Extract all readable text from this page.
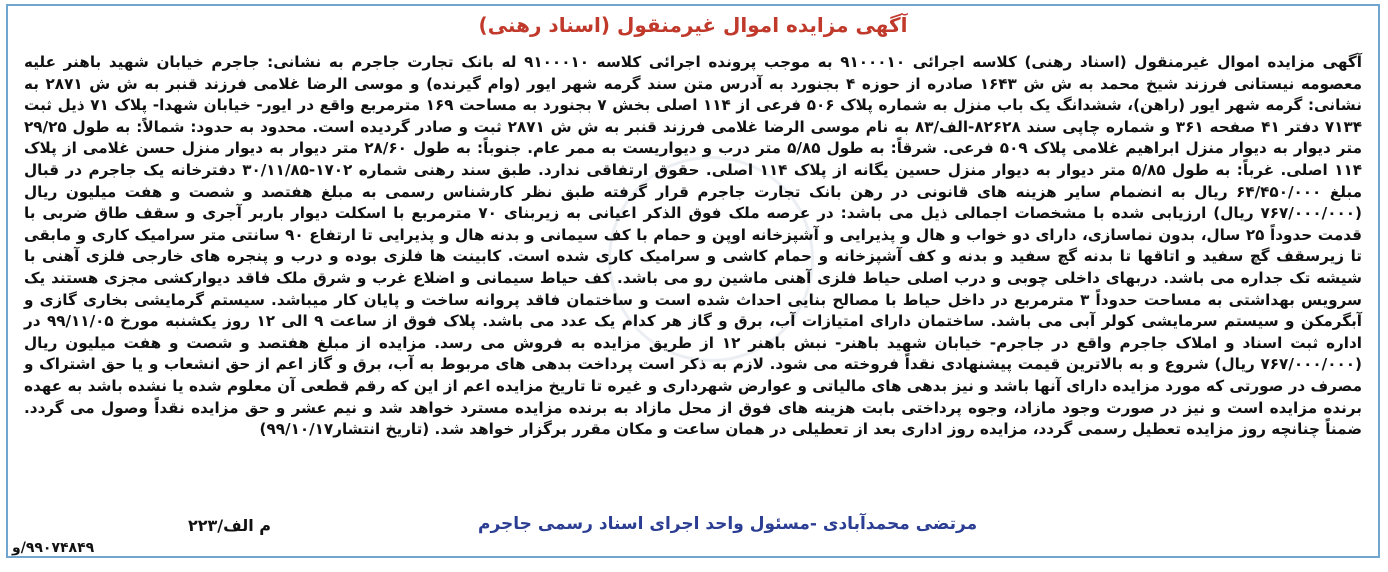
آگهی مزایده اموال غیرمنقول (اسناد رهنی)
آگهی مزایده اموال غیرمنقول (اسناد رهنی) کلاسه اجرائی ۹۱۰۰۰۱۰ به موجب پرونده اجرائی کلاسه ۹۱۰۰۰۱۰ له بانک تجارت جاجرم به نشانی: جاجرم خیابان شهید باهنر علیه معصومه نیستانی فرزند شیخ محمد به ش ش ۱۶۴۳ صادره از حوزه ۴ بجنورد به آدرس متن سند گرمه شهر ایور (وام گیرنده) و موسی الرضا غلامی فرزند قنبر به ش ش ۲۸۷۱ به نشانی: گرمه شهر ایور (راهن)، ششدانگ یک باب منزل به شماره پلاک ۵۰۶ فرعی از ۱۱۴ اصلی بخش ۷ بجنورد به مساحت ۱۶۹ مترمربع واقع در ایور- خیابان شهدا- پلاک ۷۱ ذیل ثبت ۷۱۳۴ دفتر ۴۱ صفحه ۳۶۱ و شماره چاپی سند ۸۲۶۲۸-الف/۸۳ به نام موسی الرضا غلامی فرزند قنبر به ش ش ۲۸۷۱ ثبت و صادر گردیده است. محدود به حدود: شمالاً: به طول ۲۹/۲۵ متر دیوار به دیوار منزل ابراهیم غلامی پلاک ۵۰۹ فرعی. شرقاً: به طول ۵/۸۵ متر درب و دیواریست به ممر عام. جنوباً: به طول ۲۸/۶۰ متر دیوار به دیوار منزل حسن غلامی از پلاک ۱۱۴ اصلی. غرباً: به طول ۵/۸۵ متر دیوار به دیوار منزل حسین یگانه از پلاک ۱۱۴ اصلی. حقوق ارتفاقی ندارد. طبق سند رهنی شماره ۱۷۰۲-۳۰/۱۱/۸۵ دفترخانه یک جاجرم در قبال مبلغ ۶۴/۴۵۰/۰۰۰ ریال به انضمام سایر هزینه های قانونی در رهن بانک تجارت جاجرم قرار گرفته طبق نظر کارشناس رسمی به مبلغ هفتصد و شصت و هفت میلیون ریال (۷۶۷/۰۰۰/۰۰۰ ریال) ارزیابی شده با مشخصات اجمالی ذیل می باشد: در عرصه ملک فوق الذکر اعیانی به زیربنای ۷۰ مترمربع با اسکلت دیوار باربر آجری و سقف طاق ضربی با قدمت حدوداً ۲۵ سال، بدون نماسازی، دارای دو خواب و هال و پذیرایی و آشپزخانه اوپن و حمام با کف سیمانی و بدنه هال و پذیرایی تا ارتفاع ۹۰ سانتی متر سرامیک کاری و مابقی تا زیرسقف گچ سفید و اتاقها تا بدنه گچ سفید و بدنه و کف آشپزخانه و حمام کاشی و سرامیک کاری شده است. کابینت ها فلزی بوده و درب و پنجره های خارجی فلزی آهنی با شیشه تک جداره می باشد. دربهای داخلی چوبی و درب اصلی حیاط فلزی آهنی ماشین رو می باشد. کف حیاط سیمانی و اضلاع غرب و شرق ملک فاقد دیوارکشی مجزی هستند یک سرویس بهداشتی به مساحت حدوداً ۳ مترمربع در داخل حیاط با مصالح بنایی احداث شده است و ساختمان فاقد پروانه ساخت و پایان کار میباشد. سیستم گرمایشی بخاری گازی و آبگرمکن و سیستم سرمایشی کولر آبی می باشد. ساختمان دارای امتیازات آب، برق و گاز هر کدام یک عدد می باشد. پلاک فوق از ساعت ۹ الی ۱۲ روز یکشنبه مورخ ۹۹/۱۱/۰۵ در اداره ثبت اسناد و املاک جاجرم واقع در جاجرم- خیابان شهید باهنر- نبش باهنر ۱۲ از طریق مزایده به فروش می رسد. مزایده از مبلغ هفتصد و شصت و هفت میلیون ریال (۷۶۷/۰۰۰/۰۰۰ ریال) شروع و به بالاترین قیمت پیشنهادی نقداً فروخته می شود. لازم به ذکر است پرداخت بدهی های مربوط به آب، برق و گاز اعم از حق انشعاب و یا حق اشتراک و مصرف در صورتی که مورد مزایده دارای آنها باشد و نیز بدهی های مالیاتی و عوارض شهرداری و غیره تا تاریخ مزایده اعم از این که رقم قطعی آن معلوم شده یا نشده باشد به عهده برنده مزایده است و نیز در صورت وجود مازاد، وجوه پرداختی بابت هزینه های فوق از محل مازاد به برنده مزایده مسترد خواهد شد و نیم عشر و حق مزایده نقداً وصول می گردد. ضمناً چنانچه روز مزایده تعطیل رسمی گردد، مزایده روز اداری بعد از تعطیلی در همان ساعت و مکان مقرر برگزار خواهد شد. (تاریخ انتشار۹۹/۱۰/۱۷)
مرتضی محمدآبادی -مسئول واحد اجرای اسناد رسمی جاجرم
م الف/۲۲۳
۹۹۰۷۴۸۴۹/و
